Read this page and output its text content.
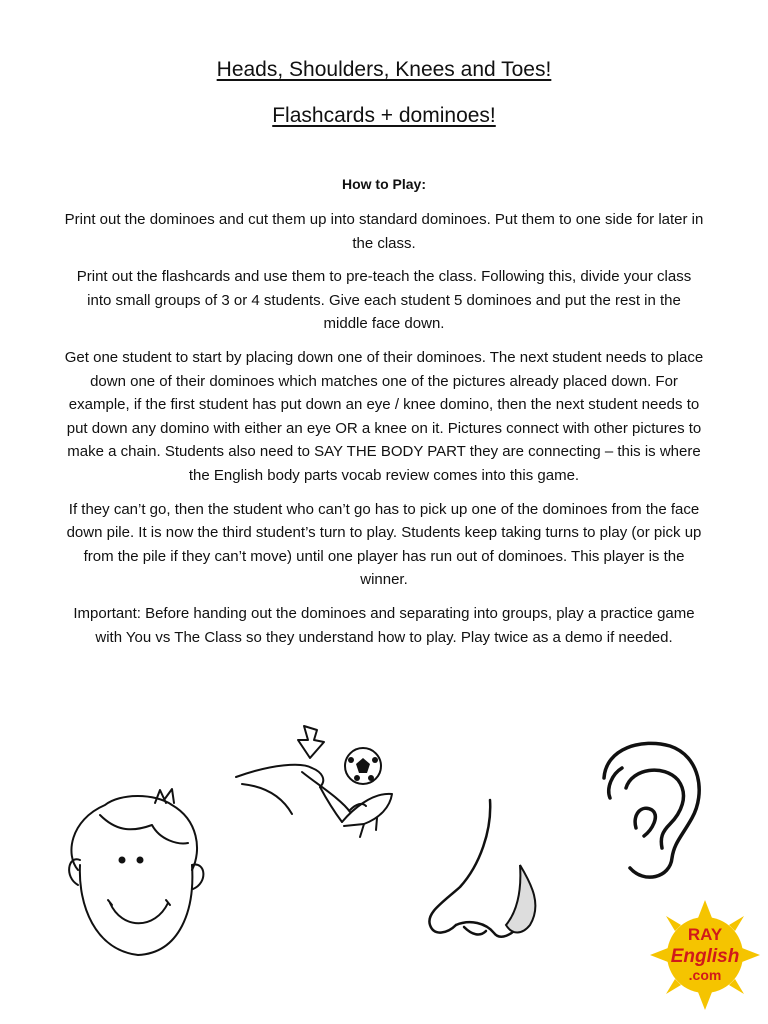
Heads, Shoulders, Knees and Toes!
Flashcards + dominoes!
How to Play:

Print out the dominoes and cut them up into standard dominoes. Put them to one side for later in the class.

Print out the flashcards and use them to pre-teach the class. Following this, divide your class into small groups of 3 or 4 students. Give each student 5 dominoes and put the rest in the middle face down.

Get one student to start by placing down one of their dominoes. The next student needs to place down one of their dominoes which matches one of the pictures already placed down. For example, if the first student has put down an eye / knee domino, then the next student needs to put down any domino with either an eye OR a knee on it. Pictures connect with other pictures to make a chain. Students also need to SAY THE BODY PART they are connecting – this is where the English body parts vocab review comes into this game.

If they can’t go, then the student who can’t go has to pick up one of the dominoes from the face down pile. It is now the third student’s turn to play. Students keep taking turns to play (or pick up from the pile if they can’t move) until one player has run out of dominoes. This player is the winner.

Important: Before handing out the dominoes and separating into groups, play a practice game with You vs The Class so they understand how to play. Play twice as a demo if needed.

RAY
English
.com
